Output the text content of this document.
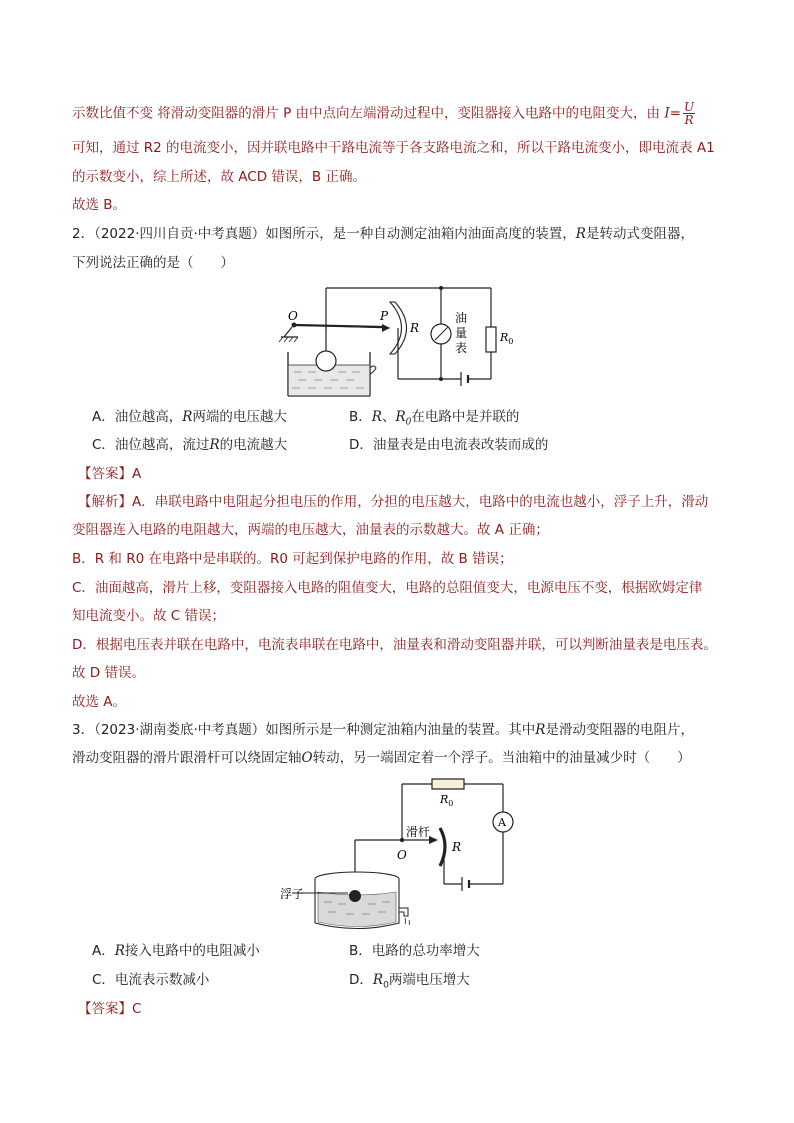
示数比值不变 将滑动变阻器的滑片 P 由中点向左端滑动过程中，变阻器接入电路中的电阻变大，由 $I= \frac{U}{R}$
可知，通过 R2 的电流变小，因并联电路中干路电流等于各支路电流之和，所以干路电流变小，即电流表 A1
的示数变小，综上所述，故 ACD 错误，B 正确。
故选 B。
2．（2022·四川自贡·中考真题）如图所示，是一种自动测定油箱内油面高度的装置，R是转动式变阻器，
下列说法正确的是（　　）
O	P
R
油
量
表
$R_0$
A．油位越高，R两端的电压越大	B．R、$R_0$在电路中是并联的
C．油位越高，流过R的电流越大	D．油量表是由电流表改装而成的
【答案】A
【解析】A．串联电路中电阻起分担电压的作用，分担的电压越大，电路中的电流也越小，浮子上升，滑动
变阻器连入电路的电阻越大，两端的电压越大，油量表的示数越大。故 A 正确；
B．R 和 R0 在电路中是串联的。R0 可起到保护电路的作用，故 B 错误；
C．油面越高，滑片上移，变阻器接入电路的阻值变大，电路的总阻值变大，电源电压不变，根据欧姆定律
知电流变小。故 C 错误；
D．根据电压表并联在电路中，电流表串联在电路中，油量表和滑动变阻器并联，可以判断油量表是电压表。
故 D 错误。
故选 A。
3．（2023·湖南娄底·中考真题）如图所示是一种测定油箱内油量的装置。其中R是滑动变阻器的电阻片，
滑动变阻器的滑片跟滑杆可以绕固定轴O转动，另一端固定着一个浮子。当油箱中的油量减少时（　　）
$R_0$
A
滑杆
O
R
浮子
A．R接入电路中的电阻减小	B．电路的总功率增大
C．电流表示数减小	D．$R_0$两端电压增大
【答案】C
